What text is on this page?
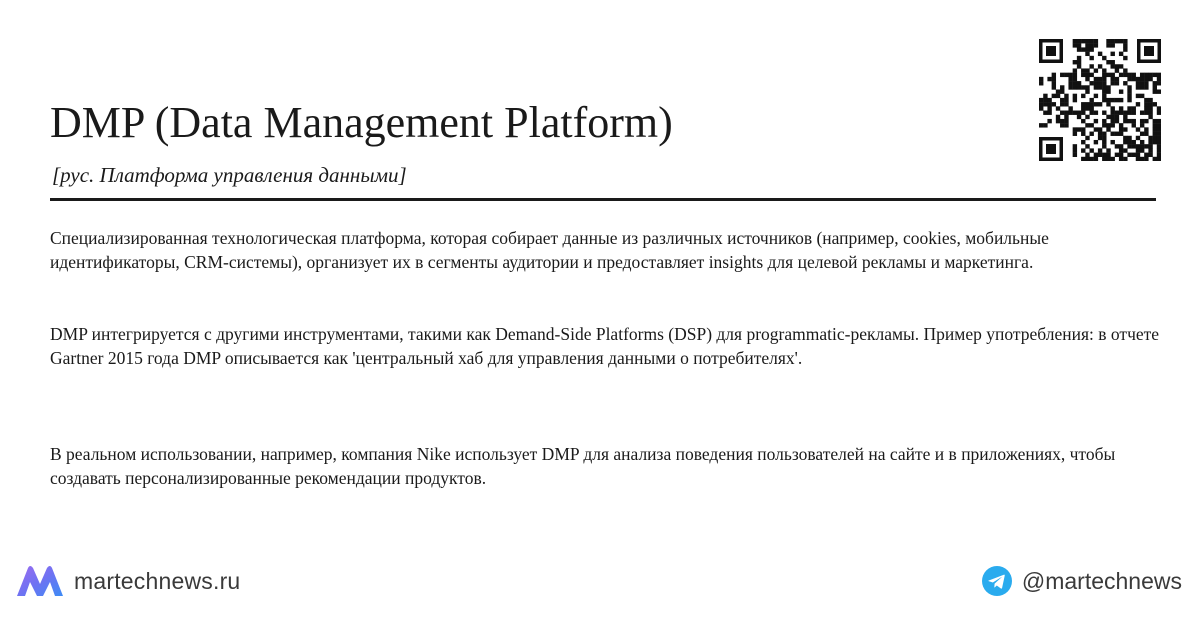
DMP (Data Management Platform)
[рус. Платформа управления данными]

Специализированная технологическая платформа, которая собирает данные из различных источников (например, cookies, мобильные идентификаторы, CRM-системы), организует их в сегменты аудитории и предоставляет insights для целевой рекламы и маркетинга.

DMP интегрируется с другими инструментами, такими как Demand-Side Platforms (DSP) для programmatic-рекламы. Пример употребления: в отчете Gartner 2015 года DMP описывается как 'центральный хаб для управления данными о потребителях'.

В реальном использовании, например, компания Nike использует DMP для анализа поведения пользователей на сайте и в приложениях, чтобы создавать персонализированные рекомендации продуктов.

martechnews.ru	@martechnews
